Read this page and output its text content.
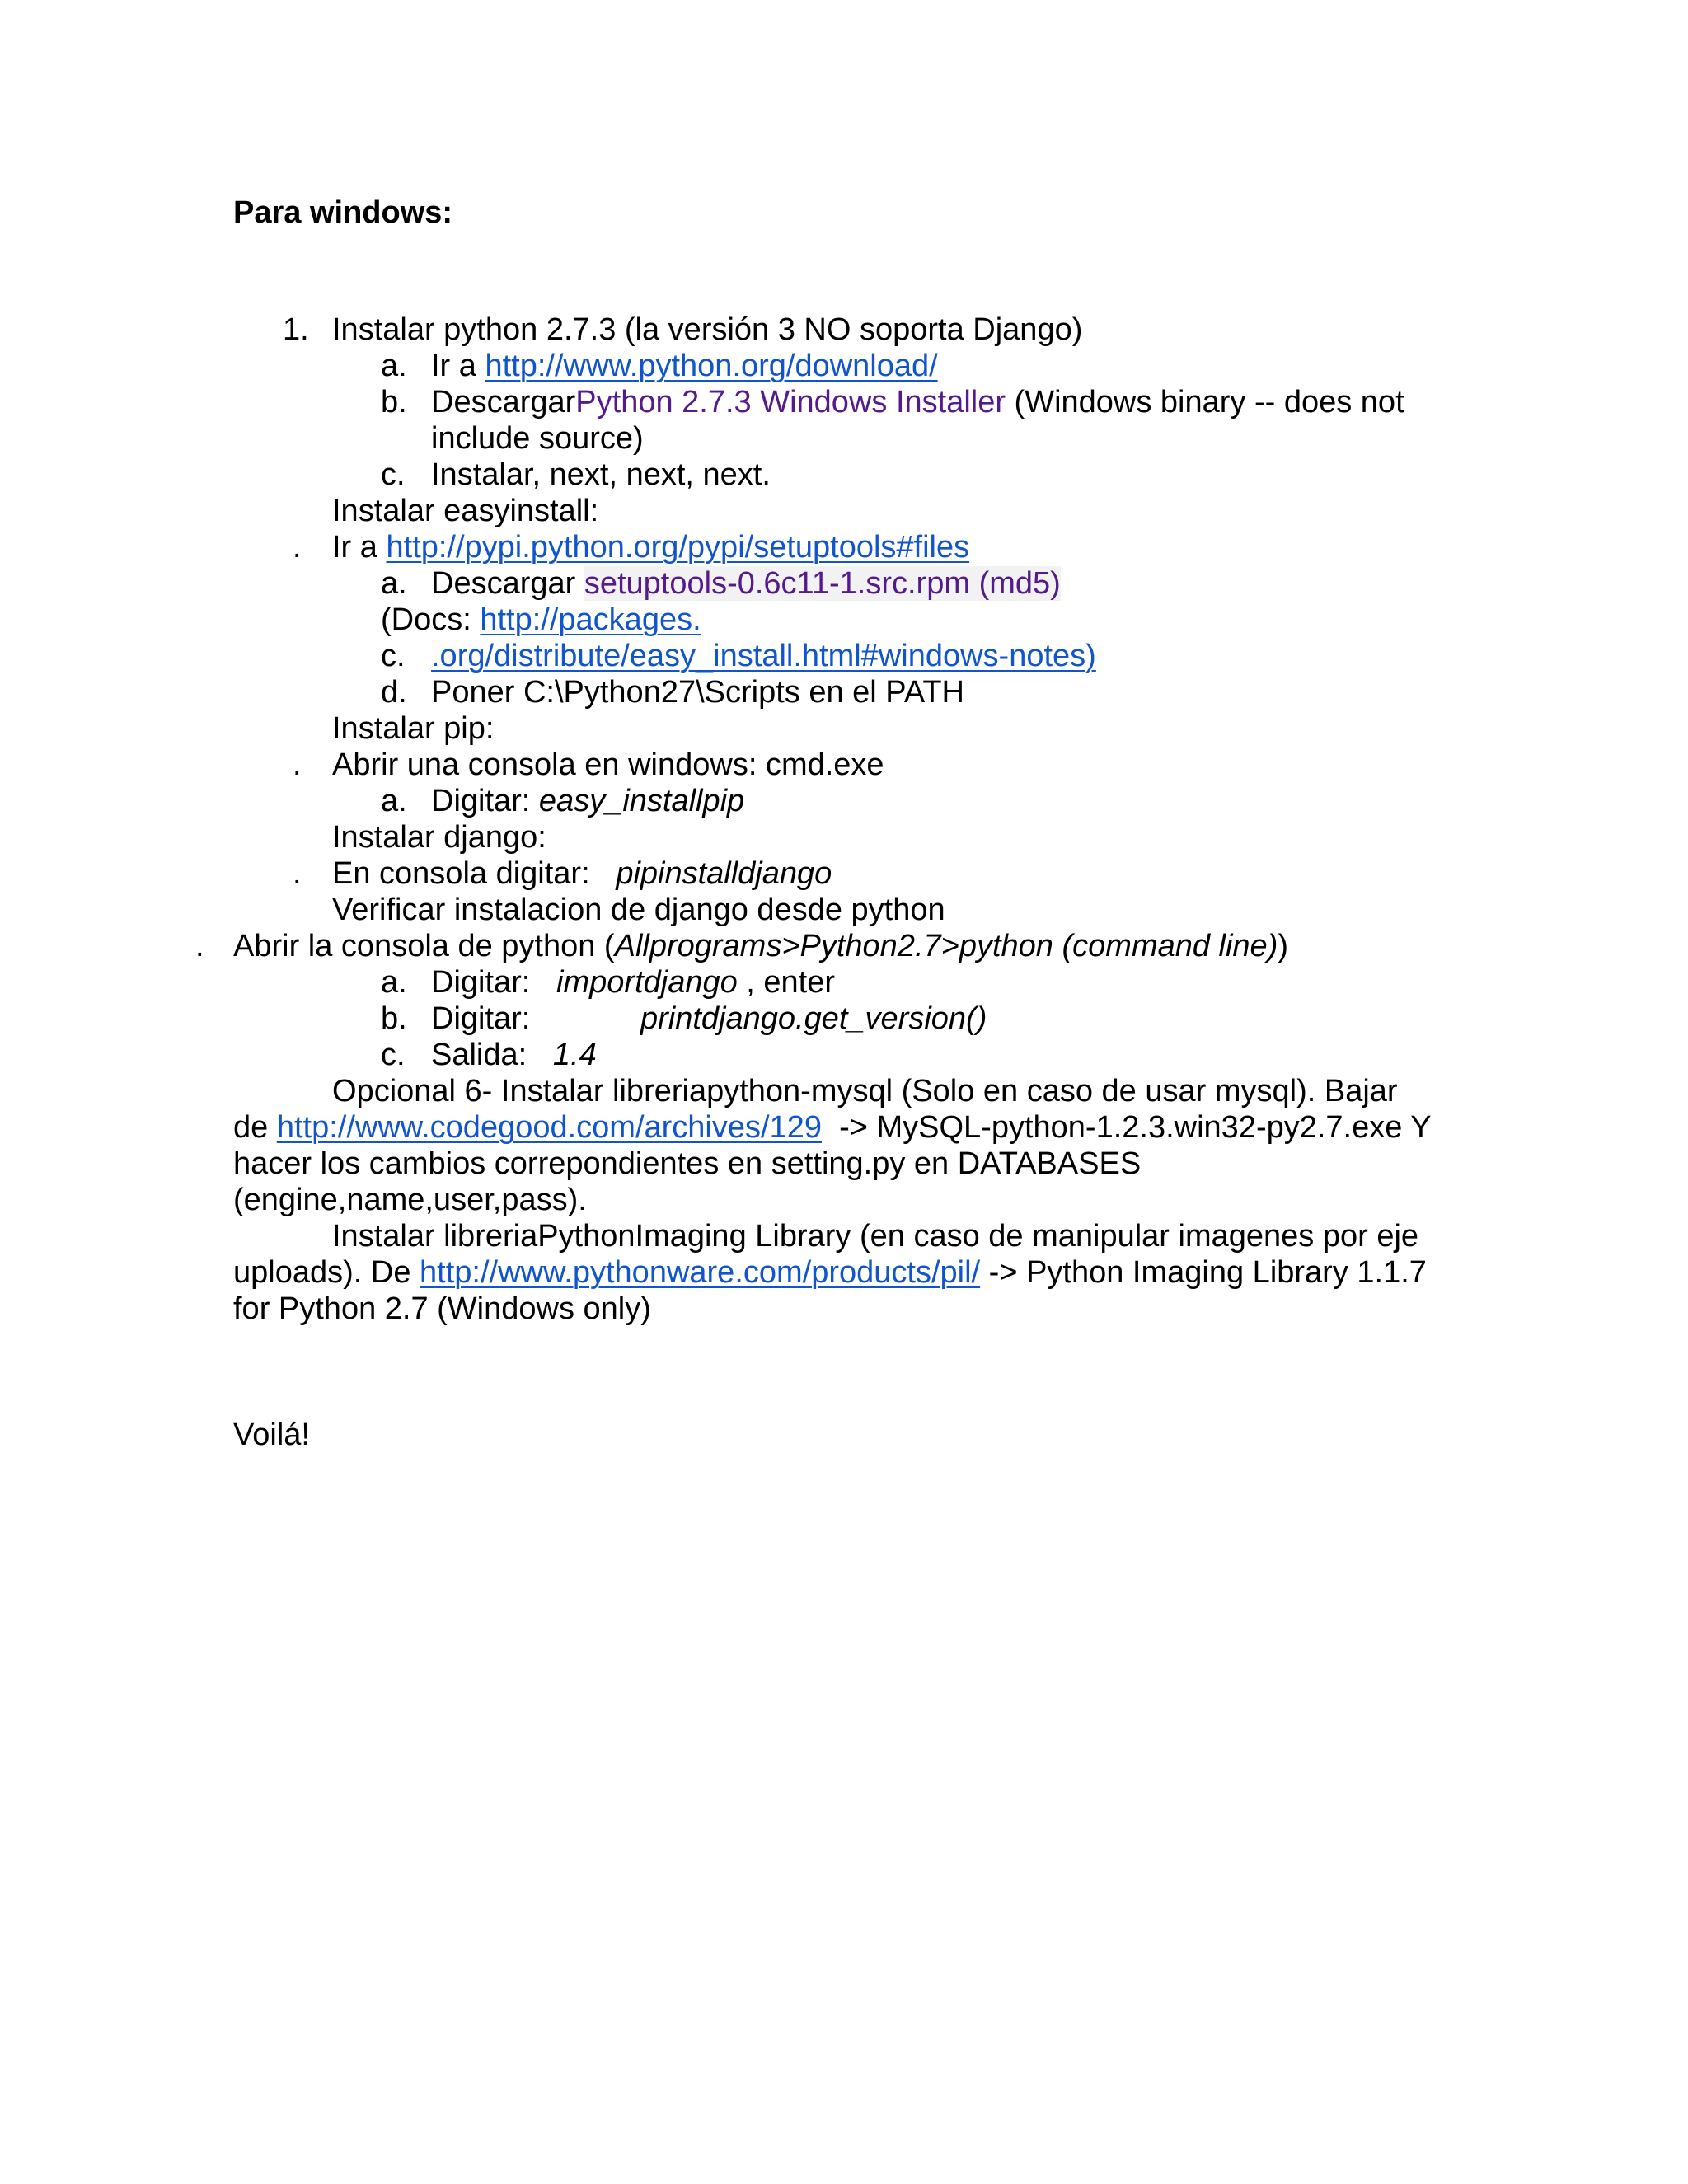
Para windows:
1. Instalar python 2.7.3 (la versión 3 NO soporta Django)
a. Ir a http://www.python.org/download/
b. DescargarPython 2.7.3 Windows Installer (Windows binary -- does not
include source)
c. Instalar, next, next, next.
Instalar easyinstall:
. Ir a http://pypi.python.org/pypi/setuptools#files
a. Descargar setuptools-0.6c11-1.src.rpm (md5)
(Docs: http://packages.
c. .org/distribute/easy_install.html#windows-notes)
d. Poner C:\Python27\Scripts en el PATH
Instalar pip:
. Abrir una consola en windows: cmd.exe
a. Digitar: easy_installpip
Instalar django:
. En consola digitar:   pipinstalldjango
Verificar instalacion de django desde python
. Abrir la consola de python (Allprograms>Python2.7>python (command line))
a. Digitar:   importdjango , enter
b. Digitar:	printdjango.get_version()
c. Salida:   1.4
Opcional 6- Instalar libreriapython-mysql (Solo en caso de usar mysql). Bajar
de http://www.codegood.com/archives/129  -> MySQL-python-1.2.3.win32-py2.7.exe Y
hacer los cambios correpondientes en setting.py en DATABASES
(engine,name,user,pass).
Instalar libreriaPythonImaging Library (en caso de manipular imagenes por eje
uploads). De http://www.pythonware.com/products/pil/ -> Python Imaging Library 1.1.7
for Python 2.7 (Windows only)
Voilá!
